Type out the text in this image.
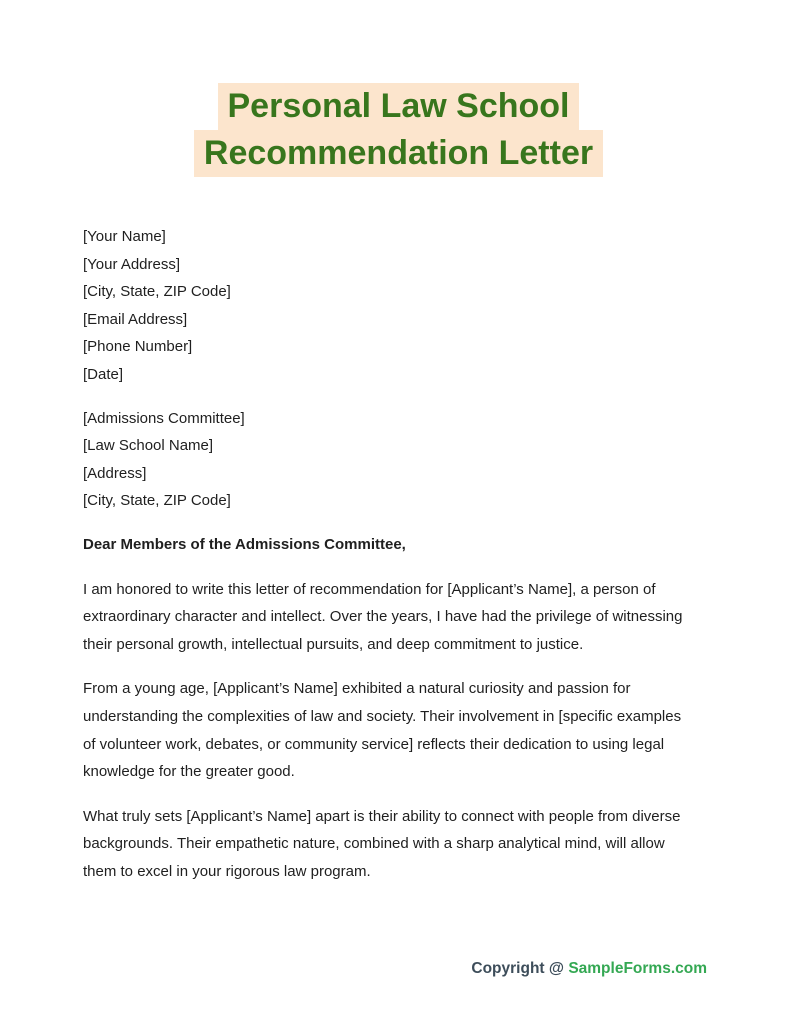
Personal Law School
Recommendation Letter

[Your Name]

[Your Address]

[City, State, ZIP Code]

[Email Address]

[Phone Number]

[Date]

[Admissions Committee]

[Law School Name]

[Address]

[City, State, ZIP Code]

Dear Members of the Admissions Committee,

I am honored to write this letter of recommendation for [Applicant’s Name], a person of extraordinary character and intellect. Over the years, I have had the privilege of witnessing their personal growth, intellectual pursuits, and deep commitment to justice.

From a young age, [Applicant’s Name] exhibited a natural curiosity and passion for understanding the complexities of law and society. Their involvement in [specific examples of volunteer work, debates, or community service] reflects their dedication to using legal knowledge for the greater good.

What truly sets [Applicant’s Name] apart is their ability to connect with people from diverse backgrounds. Their empathetic nature, combined with a sharp analytical mind, will allow them to excel in your rigorous law program.

Copyright @ SampleForms.com
